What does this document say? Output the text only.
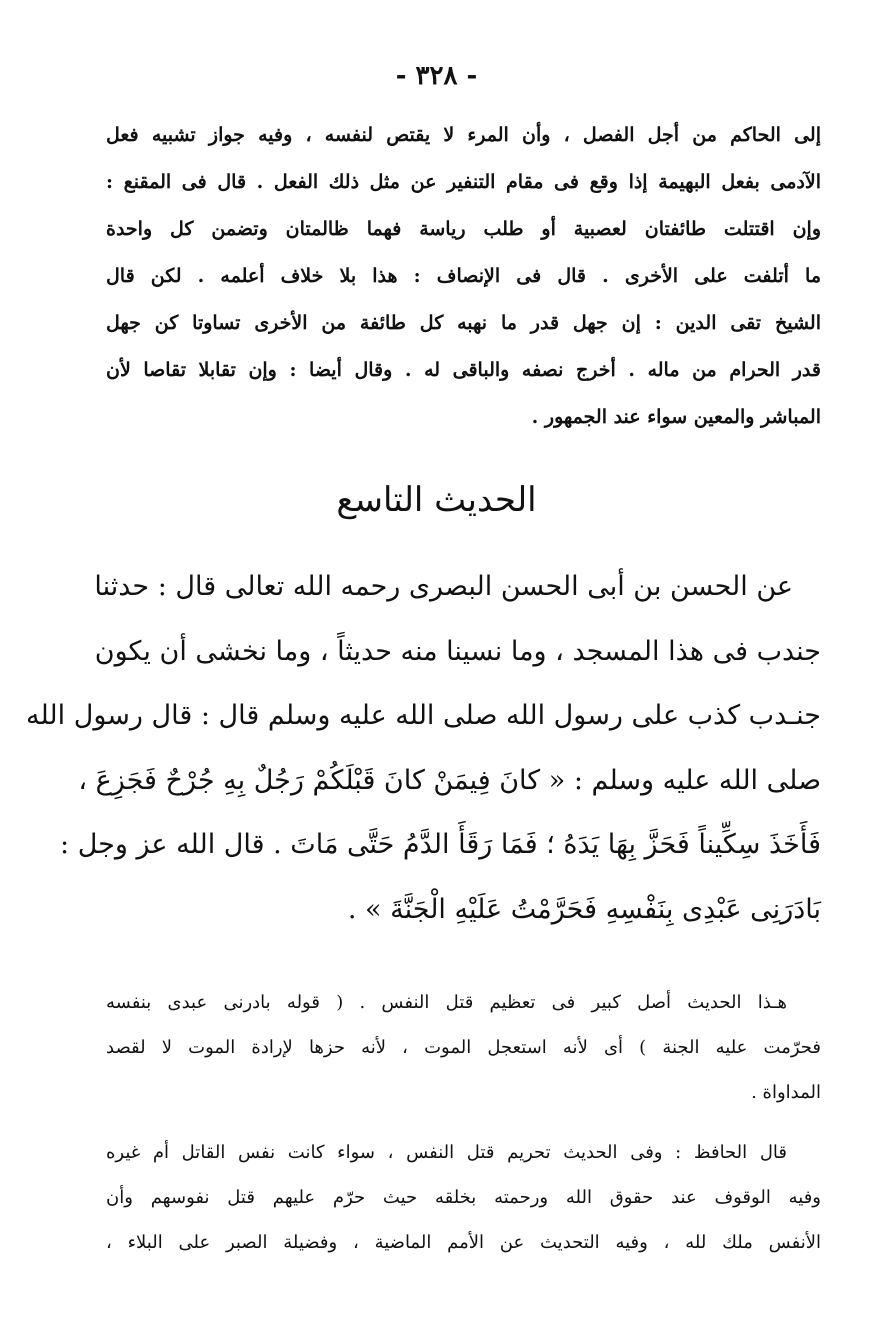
- ٣٢٨ -
إلى الحاكم من أجل الفصل ، وأن المرء لا يقتص لنفسه ، وفيه جواز تشبيه فعل
الآدمى بفعل البهيمة إذا وقع فى مقام التنفير عن مثل ذلك الفعل . قال فى المقنع :
وإن اقتتلت طائفتان لعصبية أو طلب رياسة فهما ظالمتان وتضمن كل واحدة
ما أتلفت على الأخرى . قال فى الإنصاف : هذا بلا خلاف أعلمه . لكن قال
الشيخ تقى الدين : إن جهل قدر ما نهبه كل طائفة من الأخرى تساوتا كن جهل
قدر الحرام من ماله . أخرج نصفه والباقى له . وقال أيضا : وإن تقابلا تقاصا لأن
المباشر والمعين سواء عند الجمهور .
الحديث التاسع
عن الحسن بن أبى الحسن البصرى رحمه الله تعالى قال : حدثنا
جندب فى هذا المسجد ، وما نسينا منه حديثاً ، وما نخشى أن يكون
جنـدب كذب على رسول الله صلى الله عليه وسلم قال : قال رسول الله
صلى الله عليه وسلم : « كانَ فِيمَنْ كانَ قَبْلَكُمْ رَجُلٌ بِهِ جُرْحٌ فَجَزِعَ ،
فَأَخَذَ سِكِّيناً فَحَزَّ بِهَا يَدَهُ ؛ فَمَا رَقَأَ الدَّمُ حَتَّى مَاتَ . قال الله عز وجل :
بَادَرَنِى عَبْدِى بِنَفْسِهِ فَحَرَّمْتُ عَلَيْهِ الْجَنَّةَ » .
هـذا الحديث أصل كبير فى تعظيم قتل النفس . ( قوله بادرنى عبدى بنفسه
فحرّمت عليه الجنة ) أى لأنه استعجل الموت ، لأنه حزها لإرادة الموت لا لقصد
المداواة .
قال الحافظ : وفى الحديث تحريم قتل النفس ، سواء كانت نفس القاتل أم غيره
وفيه الوقوف عند حقوق الله ورحمته بخلقه حيث حرّم عليهم قتل نفوسهم وأن
الأنفس ملك لله ، وفيه التحديث عن الأمم الماضية ، وفضيلة الصبر على البلاء ،
